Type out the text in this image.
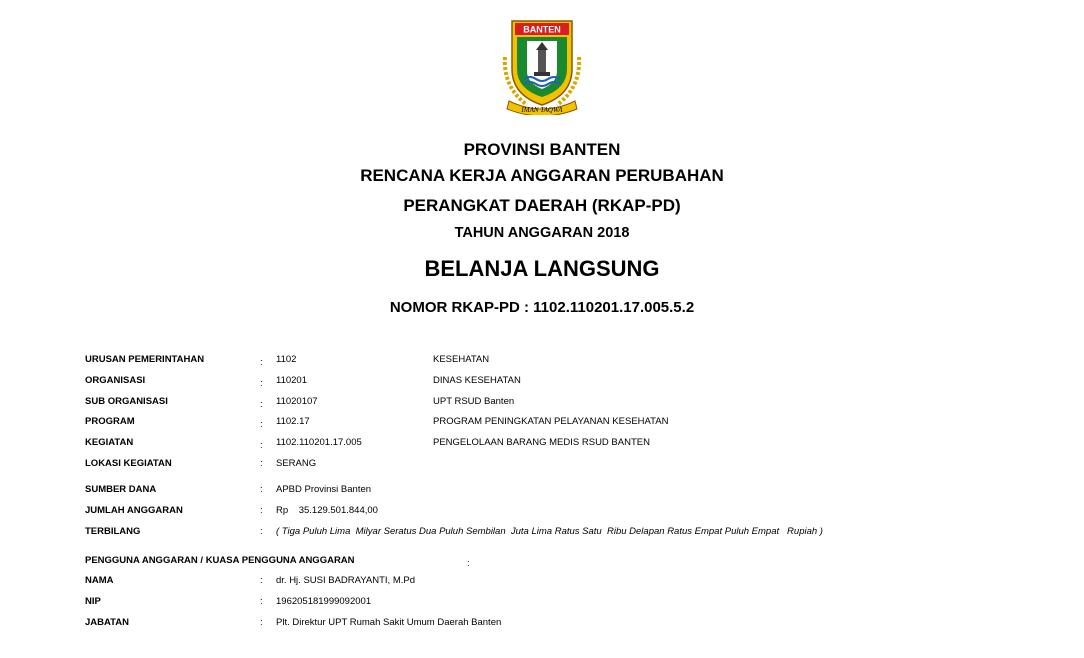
BANTEN
IMAN TAQWA
PROVINSI BANTEN
RENCANA KERJA ANGGARAN PERUBAHAN
PERANGKAT DAERAH (RKAP-PD)
TAHUN ANGGARAN 2018
BELANJA LANGSUNG
NOMOR RKAP-PD : 1102.110201.17.005.5.2
URUSAN PEMERINTAHAN	: 1102	KESEHATAN
ORGANISASI	: 110201	DINAS KESEHATAN
SUB ORGANISASI	: 11020107	UPT RSUD Banten
PROGRAM	: 1102.17	PROGRAM PENINGKATAN PELAYANAN KESEHATAN
KEGIATAN	: 1102.110201.17.005	PENGELOLAAN BARANG MEDIS RSUD BANTEN
LOKASI KEGIATAN	: SERANG
SUMBER DANA	: APBD Provinsi Banten
JUMLAH ANGGARAN	: Rp    35.129.501.844,00
TERBILANG	: ( Tiga Puluh Lima  Milyar Seratus Dua Puluh Sembilan  Juta Lima Ratus Satu  Ribu Delapan Ratus Empat Puluh Empat   Rupiah )
PENGGUNA ANGGARAN / KUASA PENGGUNA ANGGARAN	:
NAMA	: dr. Hj. SUSI BADRAYANTI, M.Pd
NIP	: 196205181999092001
JABATAN	: Plt. Direktur UPT Rumah Sakit Umum Daerah Banten
